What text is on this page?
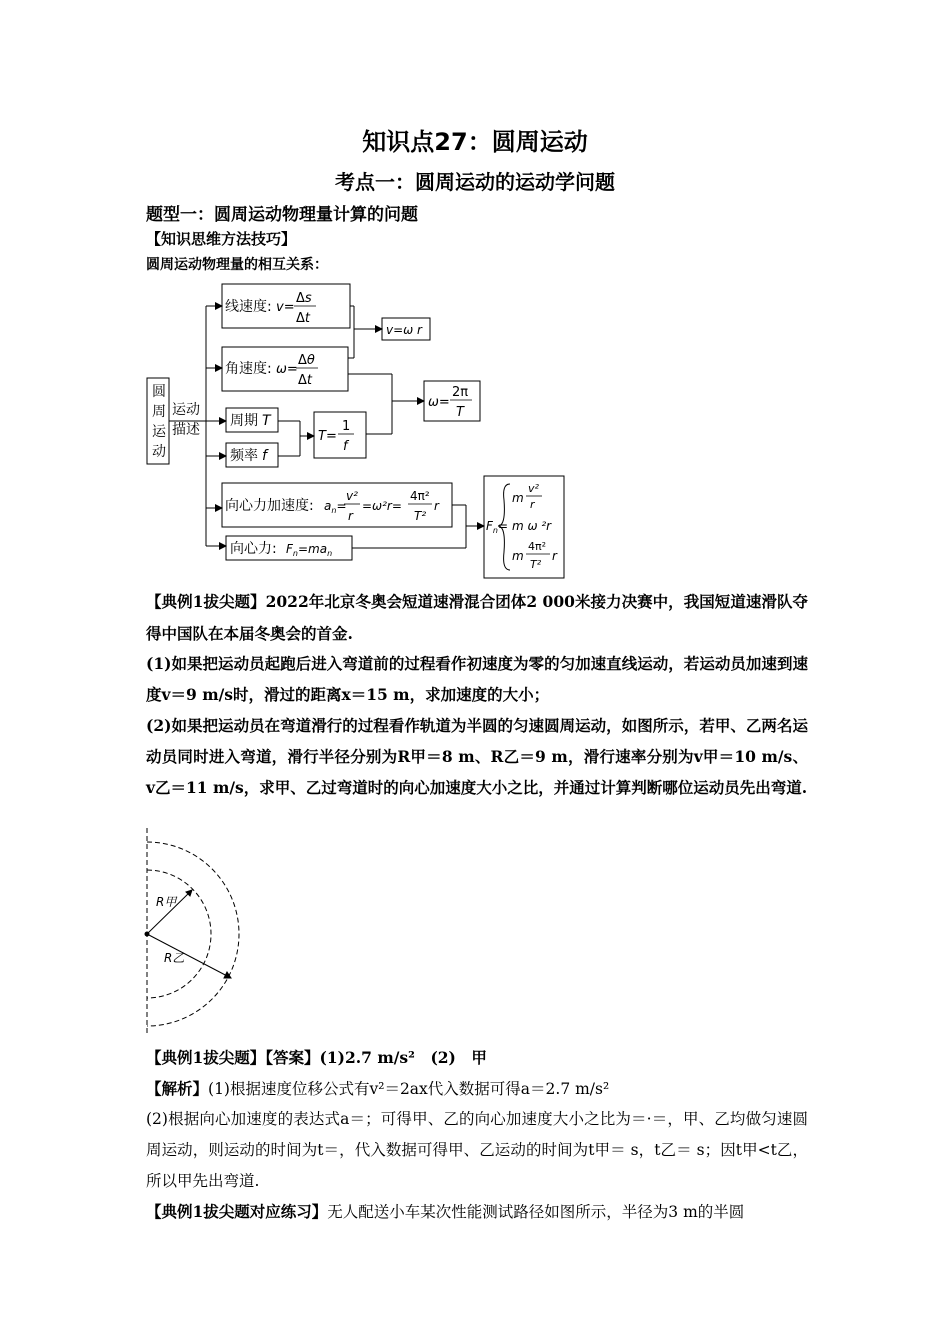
知识点27：圆周运动
考点一：圆周运动的运动学问题
题型一：圆周运动物理量计算的问题
【知识思维方法技巧】
圆周运动物理量的相互关系：
圆
周
运
动
运动
描述
线速度: v=
Δs
Δt
角速度: ω=
Δθ
Δt
周期 T
频率 f
T=
1
f
v=ω r
ω=
2π
T
向心力加速度: $a_n=$
v²
r
=ω²r=
4π²
T²
r
向心力: $F_n=ma_n$
$F_n=$
m
v²
r
m ω ²r
m
4π²
T²
r
【典例1拔尖题】2022年北京冬奥会短道速滑混合团体2 000米接力决赛中，我国短道速滑队夺得中国队在本届冬奥会的首金.
(1)如果把运动员起跑后进入弯道前的过程看作初速度为零的匀加速直线运动，若运动员加速到速度v＝9 m/s时，滑过的距离x＝15 m，求加速度的大小；
(2)如果把运动员在弯道滑行的过程看作轨道为半圆的匀速圆周运动，如图所示，若甲、乙两名运动员同时进入弯道，滑行半径分别为R甲＝8 m、R乙＝9 m，滑行速率分别为v甲＝10 m/s、v乙＝11 m/s，求甲、乙过弯道时的向心加速度大小之比，并通过计算判断哪位运动员先出弯道.
R甲
R乙
【典例1拔尖题】【答案】(1)2.7 m/s²　(2)　甲
【解析】(1)根据速度位移公式有v²＝2ax代入数据可得a＝2.7 m/s²
(2)根据向心加速度的表达式a＝；可得甲、乙的向心加速度大小之比为＝·＝，甲、乙均做匀速圆周运动，则运动的时间为t＝，代入数据可得甲、乙运动的时间为t甲＝ s，t乙＝ s；因t甲<t乙，所以甲先出弯道.
【典例1拔尖题对应练习】无人配送小车某次性能测试路径如图所示，半径为3 m的半圆
